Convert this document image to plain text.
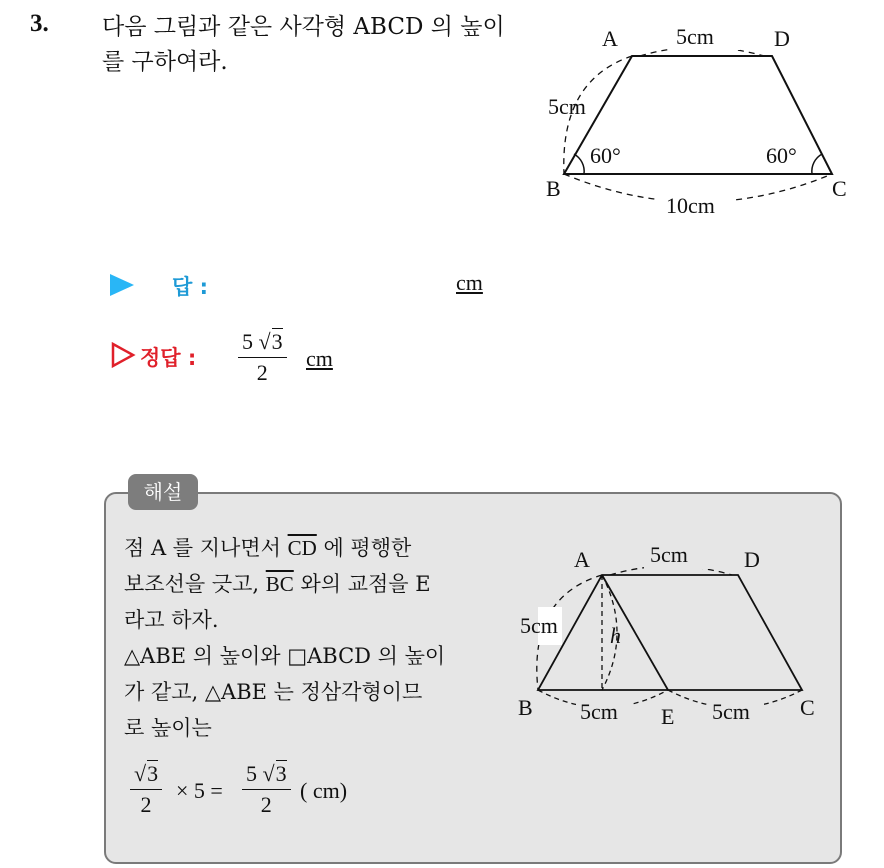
3. 다음 그림과 같은 사각형 ABCD 의 높이를 구하여라.
A	D
B	C
5cm
5cm
10cm
60°	60°
답 :	cm
정답 : $\frac{5 √3}{2}$ cm
해설
점 A 를 지나면서 $\overline{CD}$ 에 평행한
보조선을 긋고, $\overline{BC}$ 와의 교점을 E
라고 하자.
△ABE 의 높이와 □ABCD 의 높이
가 같고, △ABE 는 정삼각형이므
로 높이는
$\frac{√3}{2} \times 5 = \frac{5 √3}{2}$ ( cm)
A	D
B	C
E
h
5cm
5cm
5cm	5cm
